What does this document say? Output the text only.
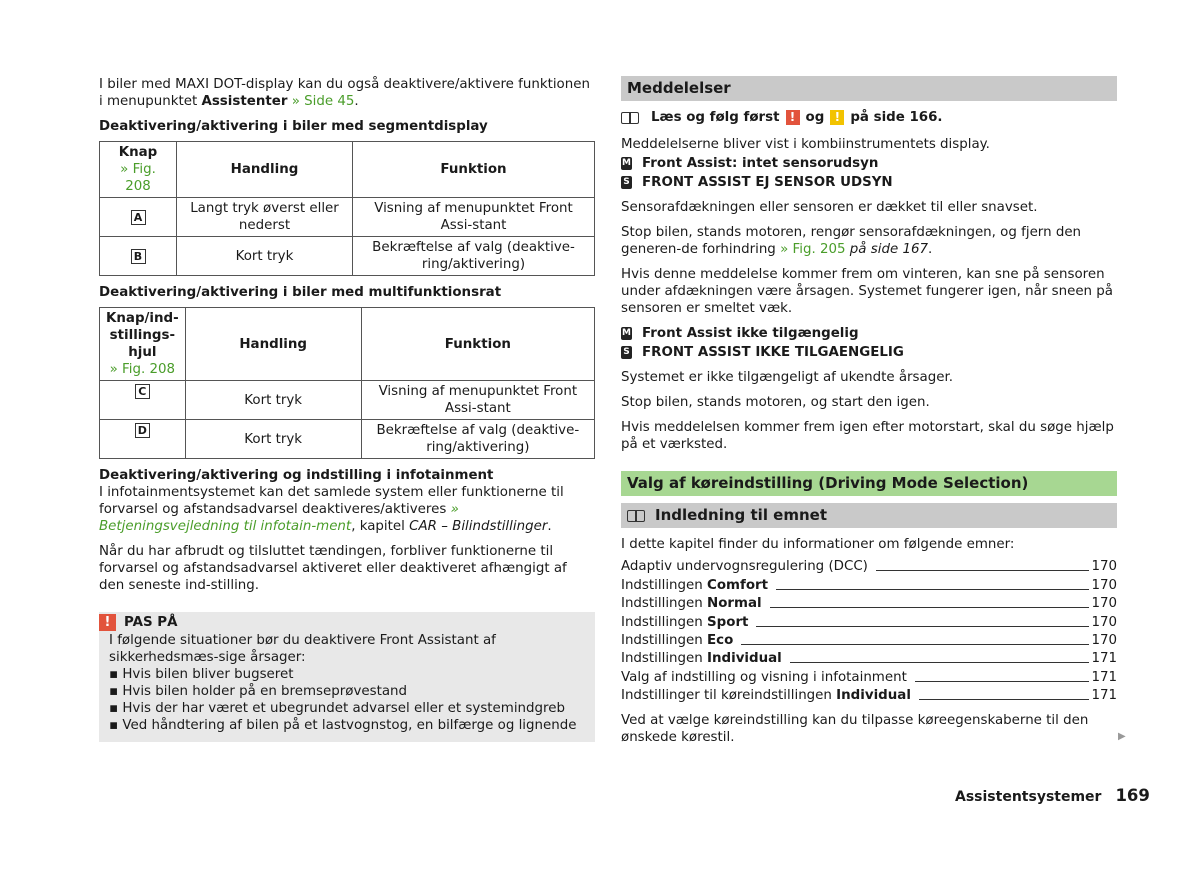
I biler med MAXI DOT-display kan du også deaktivere/aktivere funktionen i menupunktet Assistenter » Side 45.

Deaktivering/aktivering i biler med segmentdisplay
Knap
» Fig. 208	Handling	Funktion
A	Langt tryk øverst eller nederst	Visning af menupunktet Front Assi-stant
B	Kort tryk	Bekræftelse af valg (deaktive-ring/aktivering)
Deaktivering/aktivering i biler med multifunktionsrat
Knap/ind-stillings-hjul
» Fig. 208	Handling	Funktion
C	Kort tryk	Visning af menupunktet Front Assi-stant
D	Kort tryk	Bekræftelse af valg (deaktive-ring/aktivering)
Deaktivering/aktivering og indstilling i infotainment

I infotainmentsystemet kan det samlede system eller funktionerne til forvarsel og afstandsadvarsel deaktiveres/aktiveres » Betjeningsvejledning til infotain-ment, kapitel CAR – Bilindstillinger.

Når du har afbrudt og tilsluttet tændingen, forbliver funktionerne til forvarsel og afstandsadvarsel aktiveret eller deaktiveret afhængigt af den seneste ind-stilling.

!	PAS PÅ
I følgende situationer bør du deaktivere Front Assistant af sikkerhedsmæs-sige årsager:
▪ Hvis bilen bliver bugseret
▪ Hvis bilen holder på en bremseprøvestand
▪ Hvis der har været et ubegrundet advarsel eller et systemindgreb
▪ Ved håndtering af bilen på et lastvognstog, en bilfærge og lignende
Meddelelser
Læs og følg først ! og ! på side 166.
Meddelelserne bliver vist i kombiinstrumentets display.
M Front Assist: intet sensorudsyn
S FRONT ASSIST EJ SENSOR UDSYN

Sensorafdækningen eller sensoren er dækket til eller snavset.

Stop bilen, stands motoren, rengør sensorafdækningen, og fjern den generen-de forhindring » Fig. 205 på side 167.

Hvis denne meddelelse kommer frem om vinteren, kan sne på sensoren under afdækningen være årsagen. Systemet fungerer igen, når sneen på sensoren er smeltet væk.

M Front Assist ikke tilgængelig
S FRONT ASSIST IKKE TILGAENGELIG

Systemet er ikke tilgængeligt af ukendte årsager.

Stop bilen, stands motoren, og start den igen.

Hvis meddelelsen kommer frem igen efter motorstart, skal du søge hjælp på et værksted.

Valg af køreindstilling (Driving Mode Selection)
Indledning til emnet
I dette kapitel finder du informationer om følgende emner:
Adaptiv undervognsregulering (DCC)	170
Indstillingen Comfort	170
Indstillingen Normal	170
Indstillingen Sport	170
Indstillingen Eco	170
Indstillingen Individual	171
Valg af indstilling og visning i infotainment	171
Indstillinger til køreindstillingen Individual	171

Ved at vælge køreindstilling kan du tilpasse køreegenskaberne til den ønskede kørestil.	▶
Assistentsystemer 169
